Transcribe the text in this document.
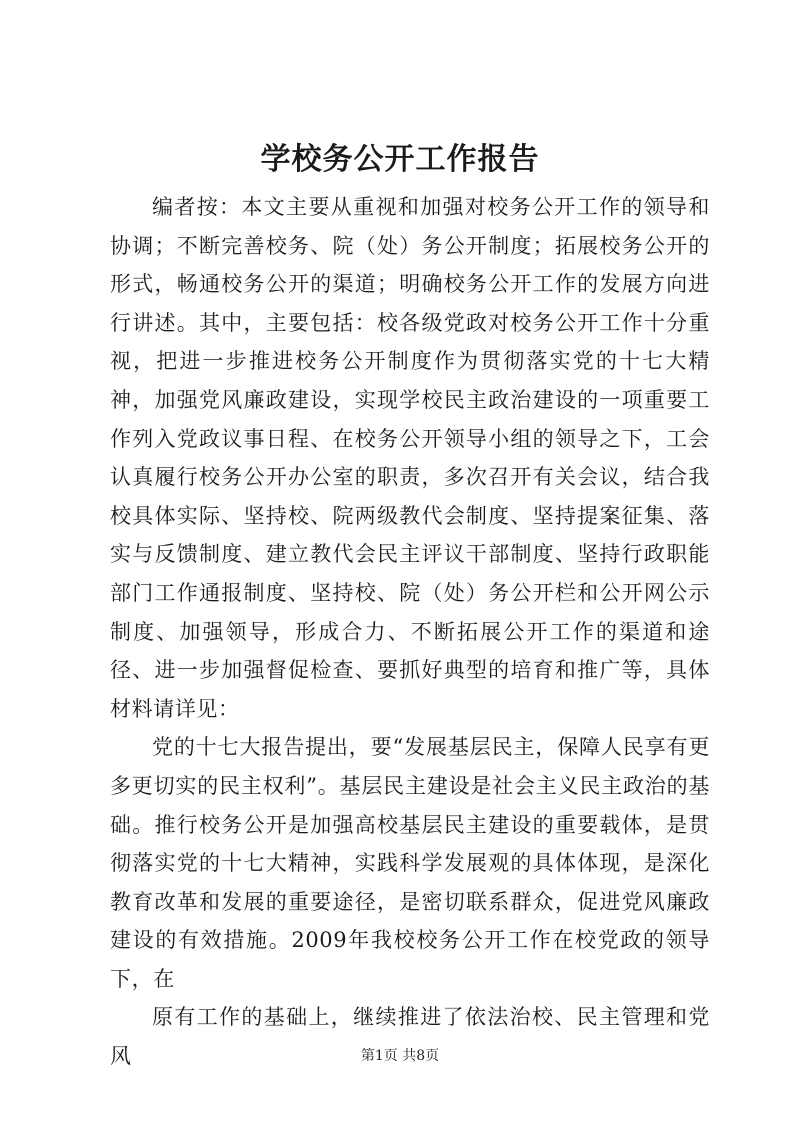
学校务公开工作报告

编者按：本文主要从重视和加强对校务公开工作的领导和协调；不断完善校务、院（处）务公开制度；拓展校务公开的形式，畅通校务公开的渠道；明确校务公开工作的发展方向进行讲述。其中，主要包括：校各级党政对校务公开工作十分重视，把进一步推进校务公开制度作为贯彻落实党的十七大精神，加强党风廉政建设，实现学校民主政治建设的一项重要工作列入党政议事日程、在校务公开领导小组的领导之下，工会认真履行校务公开办公室的职责，多次召开有关会议，结合我校具体实际、坚持校、院两级教代会制度、坚持提案征集、落实与反馈制度、建立教代会民主评议干部制度、坚持行政职能部门工作通报制度、坚持校、院（处）务公开栏和公开网公示制度、加强领导，形成合力、不断拓展公开工作的渠道和途径、进一步加强督促检查、要抓好典型的培育和推广等，具体材料请详见：

党的十七大报告提出，要“发展基层民主，保障人民享有更多更切实的民主权利”。基层民主建设是社会主义民主政治的基础。推行校务公开是加强高校基层民主建设的重要载体，是贯彻落实党的十七大精神，实践科学发展观的具体体现，是深化教育改革和发展的重要途径，是密切联系群众，促进党风廉政建设的有效措施。2009年我校校务公开工作在校党政的领导下，在

原有工作的基础上，继续推进了依法治校、民主管理和党风	第1页 共8页
